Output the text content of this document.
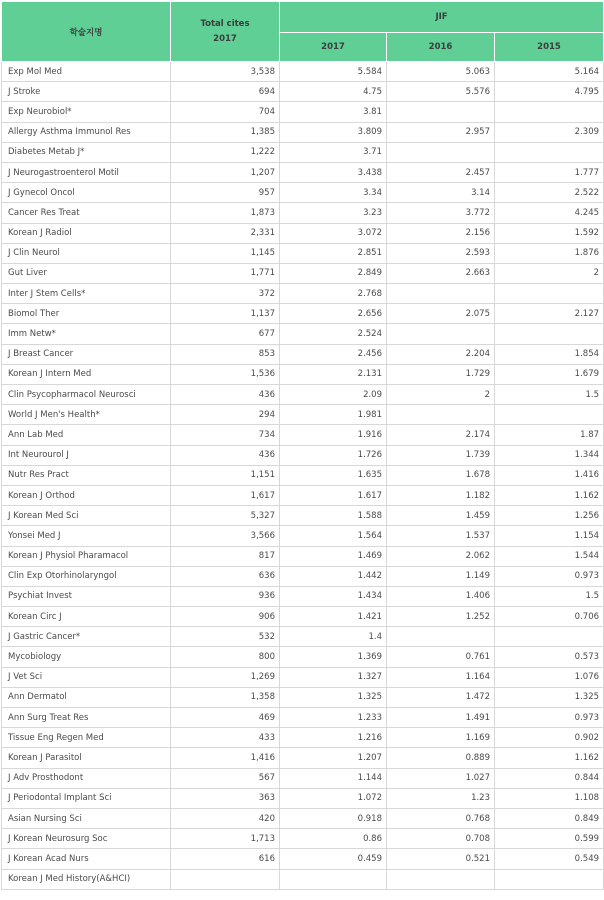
학술지명	Total cites
2017	JIF		
		2017	2016	2015
Exp Mol Med	3,538	5.584	5.063	5.164
J Stroke	694	4.75	5.576	4.795
Exp Neurobiol*	704	3.81		
Allergy Asthma Immunol Res	1,385	3.809	2.957	2.309
Diabetes Metab J*	1,222	3.71		
J Neurogastroenterol Motil	1,207	3.438	2.457	1.777
J Gynecol Oncol	957	3.34	3.14	2.522
Cancer Res Treat	1,873	3.23	3.772	4.245
Korean J Radiol	2,331	3.072	2.156	1.592
J Clin Neurol	1,145	2.851	2.593	1.876
Gut Liver	1,771	2.849	2.663	2
Inter J Stem Cells*	372	2.768		
Biomol Ther	1,137	2.656	2.075	2.127
Imm Netw*	677	2.524		
J Breast Cancer	853	2.456	2.204	1.854
Korean J Intern Med	1,536	2.131	1.729	1.679
Clin Psycopharmacol Neurosci	436	2.09	2	1.5
World J Men's Health*	294	1.981		
Ann Lab Med	734	1.916	2.174	1.87
Int Neurourol J	436	1.726	1.739	1.344
Nutr Res Pract	1,151	1.635	1.678	1.416
Korean J Orthod	1,617	1.617	1.182	1.162
J Korean Med Sci	5,327	1.588	1.459	1.256
Yonsei Med J	3,566	1.564	1.537	1.154
Korean J Physiol Pharamacol	817	1.469	2.062	1.544
Clin Exp Otorhinolaryngol	636	1.442	1.149	0.973
Psychiat Invest	936	1.434	1.406	1.5
Korean Circ J	906	1.421	1.252	0.706
J Gastric Cancer*	532	1.4		
Mycobiology	800	1.369	0.761	0.573
J Vet Sci	1,269	1.327	1.164	1.076
Ann Dermatol	1,358	1.325	1.472	1.325
Ann Surg Treat Res	469	1.233	1.491	0.973
Tissue Eng Regen Med	433	1.216	1.169	0.902
Korean J Parasitol	1,416	1.207	0.889	1.162
J Adv Prosthodont	567	1.144	1.027	0.844
J Periodontal Implant Sci	363	1.072	1.23	1.108
Asian Nursing Sci	420	0.918	0.768	0.849
J Korean Neurosurg Soc	1,713	0.86	0.708	0.599
J Korean Acad Nurs	616	0.459	0.521	0.549
Korean J Med History(A&HCI)				
